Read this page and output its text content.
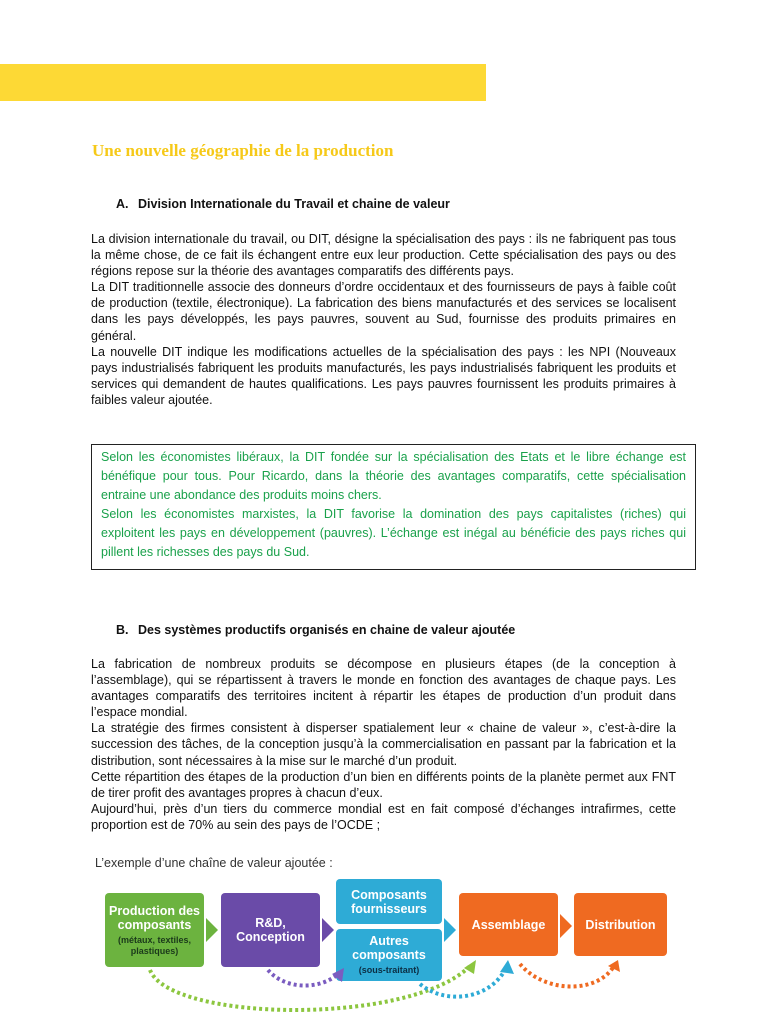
Une nouvelle géographie de la production
A. Division Internationale du Travail et chaine de valeur

La division internationale du travail, ou DIT, désigne la spécialisation des pays : ils ne fabriquent pas tous la même chose, de ce fait ils échangent entre eux leur production. Cette spécialisation des pays ou des régions repose sur la théorie des avantages comparatifs des différents pays.

La DIT traditionnelle associe des donneurs d’ordre occidentaux et des fournisseurs de pays à faible coût de production (textile, électronique). La fabrication des biens manufacturés et des services se localisent dans les pays développés, les pays pauvres, souvent au Sud, fournisse des produits primaires en général.

La nouvelle DIT indique les modifications actuelles de la spécialisation des pays : les NPI (Nouveaux pays industrialisés fabriquent les produits manufacturés, les pays industrialisés fabriquent les produits et services qui demandent de hautes qualifications. Les pays pauvres fournissent les produits primaires à faibles valeur ajoutée.

Selon les économistes libéraux, la DIT fondée sur la spécialisation des Etats et le libre échange est bénéfique pour tous. Pour Ricardo, dans la théorie des avantages comparatifs, cette spécialisation entraine une abondance des produits moins chers.

Selon les économistes marxistes, la DIT favorise la domination des pays capitalistes (riches) qui exploitent les pays en développement (pauvres). L’échange est inégal au bénéficie des pays riches qui pillent les richesses des pays du Sud.

B. Des systèmes productifs organisés en chaine de valeur ajoutée

La fabrication de nombreux produits se décompose en plusieurs étapes (de la conception à l’assemblage), qui se répartissent à travers le monde en fonction des avantages de chaque pays. Les avantages comparatifs des territoires incitent à répartir les étapes de production d’un produit dans l’espace mondial.

La stratégie des firmes consistent à disperser spatialement leur « chaine de valeur », c’est-à-dire la succession des tâches, de la conception jusqu’à la commercialisation en passant par la fabrication et la distribution, sont nécessaires à la mise sur le marché d’un produit.

Cette répartition des étapes de la production d’un bien en différents points de la planète permet aux FNT de tirer profit des avantages propres à chacun d’eux.

Aujourd’hui, près d’un tiers du commerce mondial est en fait composé d’échanges intrafirmes, cette proportion est de 70% au sein des pays de l’OCDE ;

L’exemple d’une chaîne de valeur ajoutée :

Production des composants
(métaux, textiles, plastiques)
R&D, Conception
Composants fournisseurs
Autres composants
(sous-traitant)
Assemblage	Distribution
